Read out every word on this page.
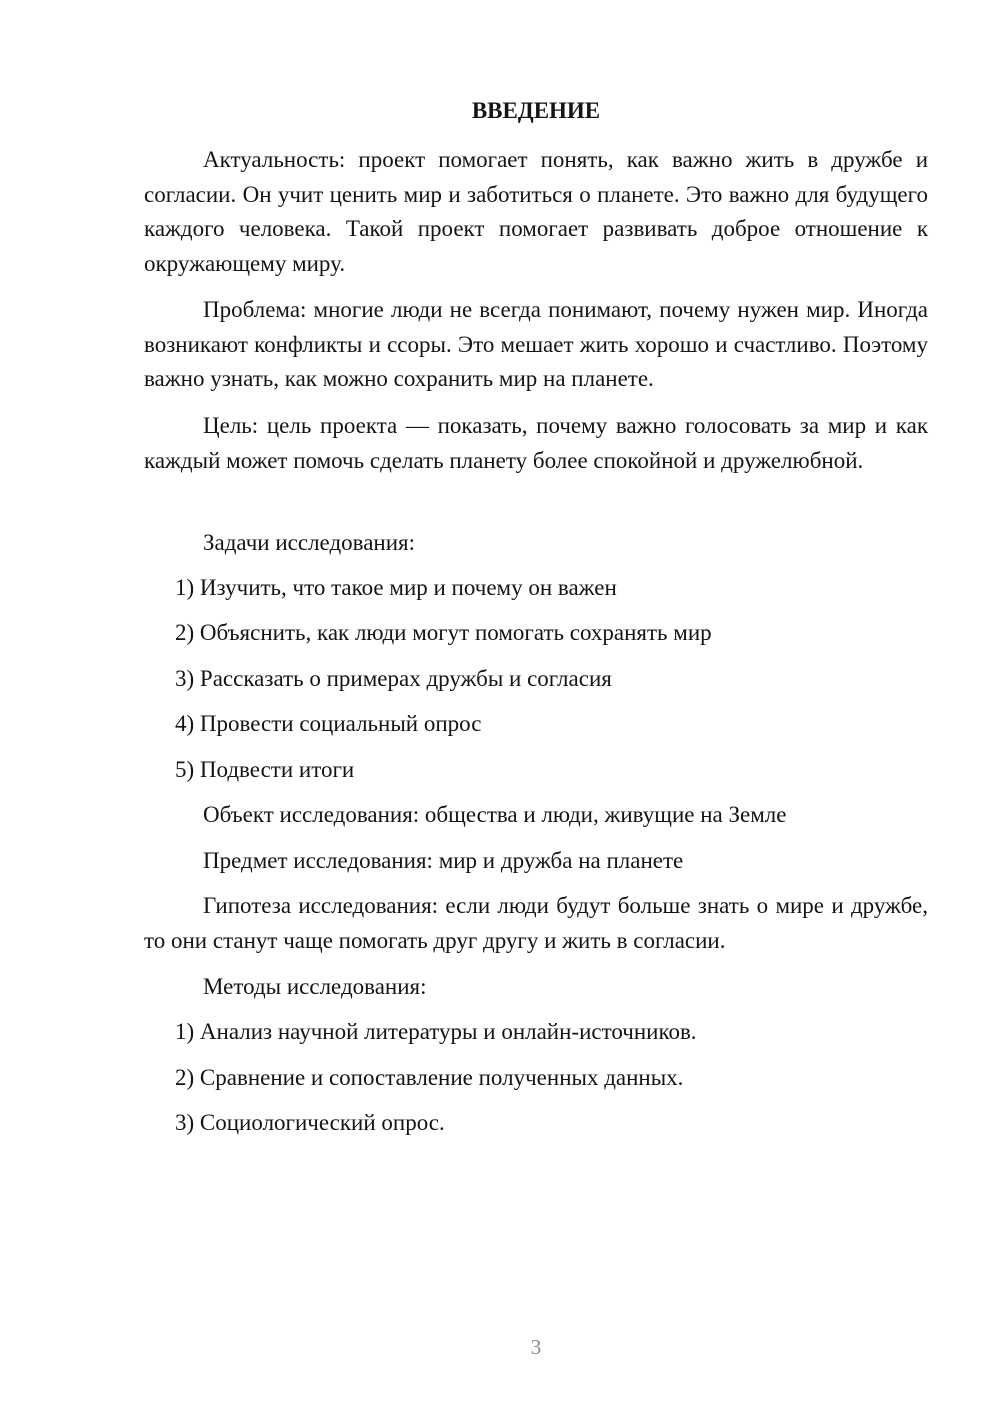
ВВЕДЕНИЕ

Актуальность: проект помогает понять, как важно жить в дружбе и согласии. Он учит ценить мир и заботиться о планете. Это важно для будущего каждого человека. Такой проект помогает развивать доброе отношение к окружающему миру.

Проблема: многие люди не всегда понимают, почему нужен мир. Иногда возникают конфликты и ссоры. Это мешает жить хорошо и счастливо. Поэтому важно узнать, как можно сохранить мир на планете.

Цель: цель проекта — показать, почему важно голосовать за мир и как каждый может помочь сделать планету более спокойной и дружелюбной.

Задачи исследования:
1) Изучить, что такое мир и почему он важен
2) Объяснить, как люди могут помогать сохранять мир
3) Рассказать о примерах дружбы и согласия
4) Провести социальный опрос
5) Подвести итоги
Объект исследования: общества и люди, живущие на Земле
Предмет исследования: мир и дружба на планете

Гипотеза исследования: если люди будут больше знать о мире и дружбе, то они станут чаще помогать друг другу и жить в согласии.

Методы исследования:
1) Анализ научной литературы и онлайн-источников.
2) Сравнение и сопоставление полученных данных.
3) Социологический опрос.
3
